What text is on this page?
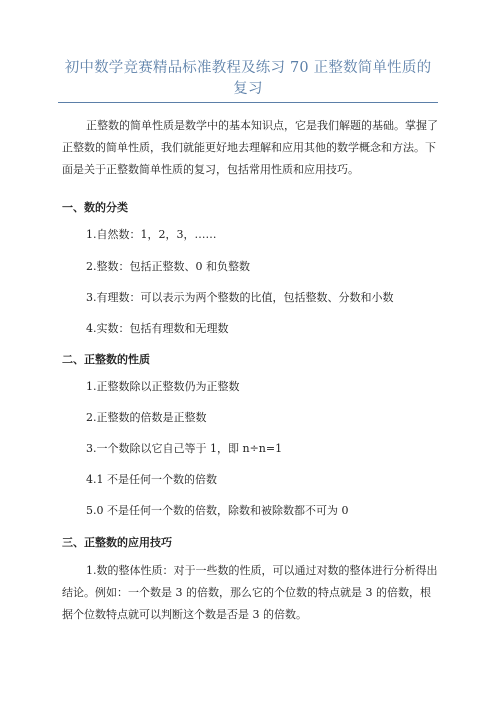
初中数学竞赛精品标准教程及练习 70 正整数简单性质的复习
正整数的简单性质是数学中的基本知识点，它是我们解题的基础。掌握了正整数的简单性质，我们就能更好地去理解和应用其他的数学概念和方法。下面是关于正整数简单性质的复习，包括常用性质和应用技巧。
一、数的分类
1.自然数：1，2，3，……
2.整数：包括正整数、0 和负整数
3.有理数：可以表示为两个整数的比值，包括整数、分数和小数
4.实数：包括有理数和无理数
二、正整数的性质
1.正整数除以正整数仍为正整数
2.正整数的倍数是正整数
3.一个数除以它自己等于 1，即 n÷n=1
4.1 不是任何一个数的倍数
5.0 不是任何一个数的倍数，除数和被除数都不可为 0
三、正整数的应用技巧
1.数的整体性质：对于一些数的性质，可以通过对数的整体进行分析得出结论。例如：一个数是 3 的倍数，那么它的个位数的特点就是 3 的倍数，根据个位数特点就可以判断这个数是否是 3 的倍数。
